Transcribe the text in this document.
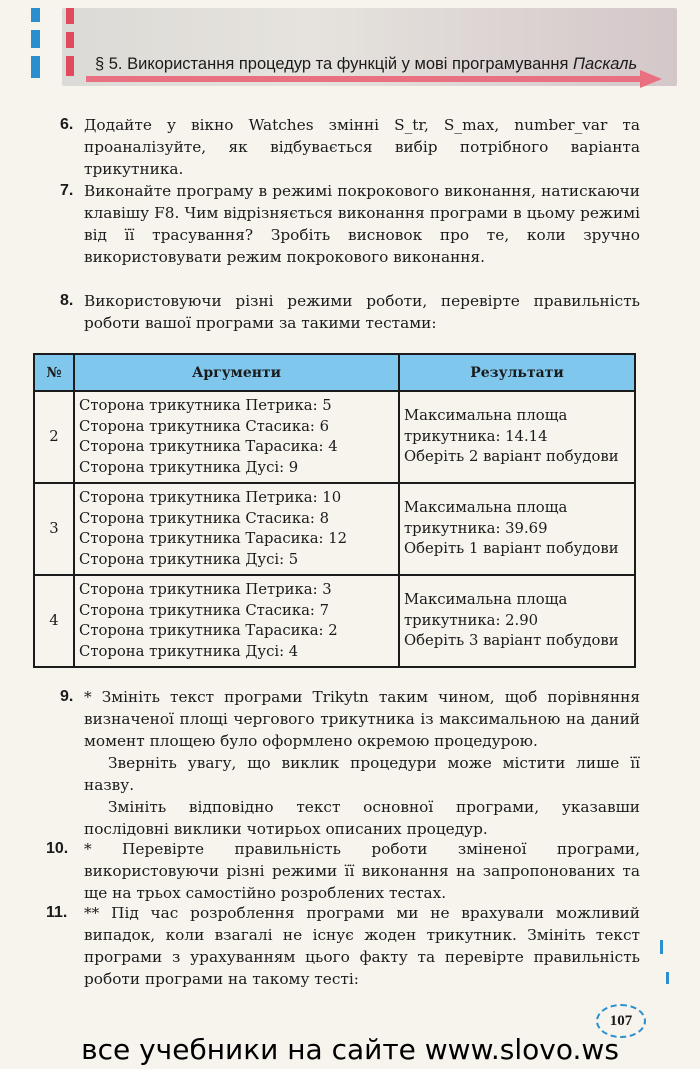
§ 5. Використання процедур та функцій у мові програмування Паскаль
6. Додайте у вікно Watches змінні S_tr, S_max, number_var та проаналізуйте, як відбувається вибір потрібного варіанта трикутника.
7. Виконайте програму в режимі покрокового виконання, натискаючи клавішу F8. Чим відрізняється виконання програми в цьому режимі від її трасування? Зробіть висновок про те, коли зручно використовувати режим покрокового виконання.
8. Використовуючи різні режими роботи, перевірте правильність роботи вашої програми за такими тестами:
№	Аргументи	Результати
2	Сторона трикутника Петрика: 5
Сторона трикутника Стасика: 6
Сторона трикутника Тарасика: 4
Сторона трикутника Дусі: 9	Максимальна площа
трикутника: 14.14
Оберіть 2 варіант побудови

3	Сторона трикутника Петрика: 10
Сторона трикутника Стасика: 8
Сторона трикутника Тарасика: 12
Сторона трикутника Дусі: 5	Максимальна площа
трикутника: 39.69
Оберіть 1 варіант побудови

4	Сторона трикутника Петрика: 3
Сторона трикутника Стасика: 7
Сторона трикутника Тарасика: 2
Сторона трикутника Дусі: 4	Максимальна площа
трикутника: 2.90
Оберіть 3 варіант побудови
9. * Змініть текст програми Trikytn таким чином, щоб порівняння визначеної площі чергового трикутника із максимальною на даний момент площею було оформлено окремою процедурою.
Зверніть увагу, що виклик процедури може містити лише її назву.
Змініть відповідно текст основної програми, указавши послідовні виклики чотирьох описаних процедур.
10. * Перевірте правильність роботи зміненої програми, використовуючи різні режими її виконання на запропонованих та ще на трьох самостійно розроблених тестах.
11. ** Під час розроблення програми ми не врахували можливий випадок, коли взагалі не існує жоден трикутник. Змініть текст програми з урахуванням цього факту та перевірте правильність роботи програми на такому тесті:
107
все учебники на сайте www.slovo.ws
